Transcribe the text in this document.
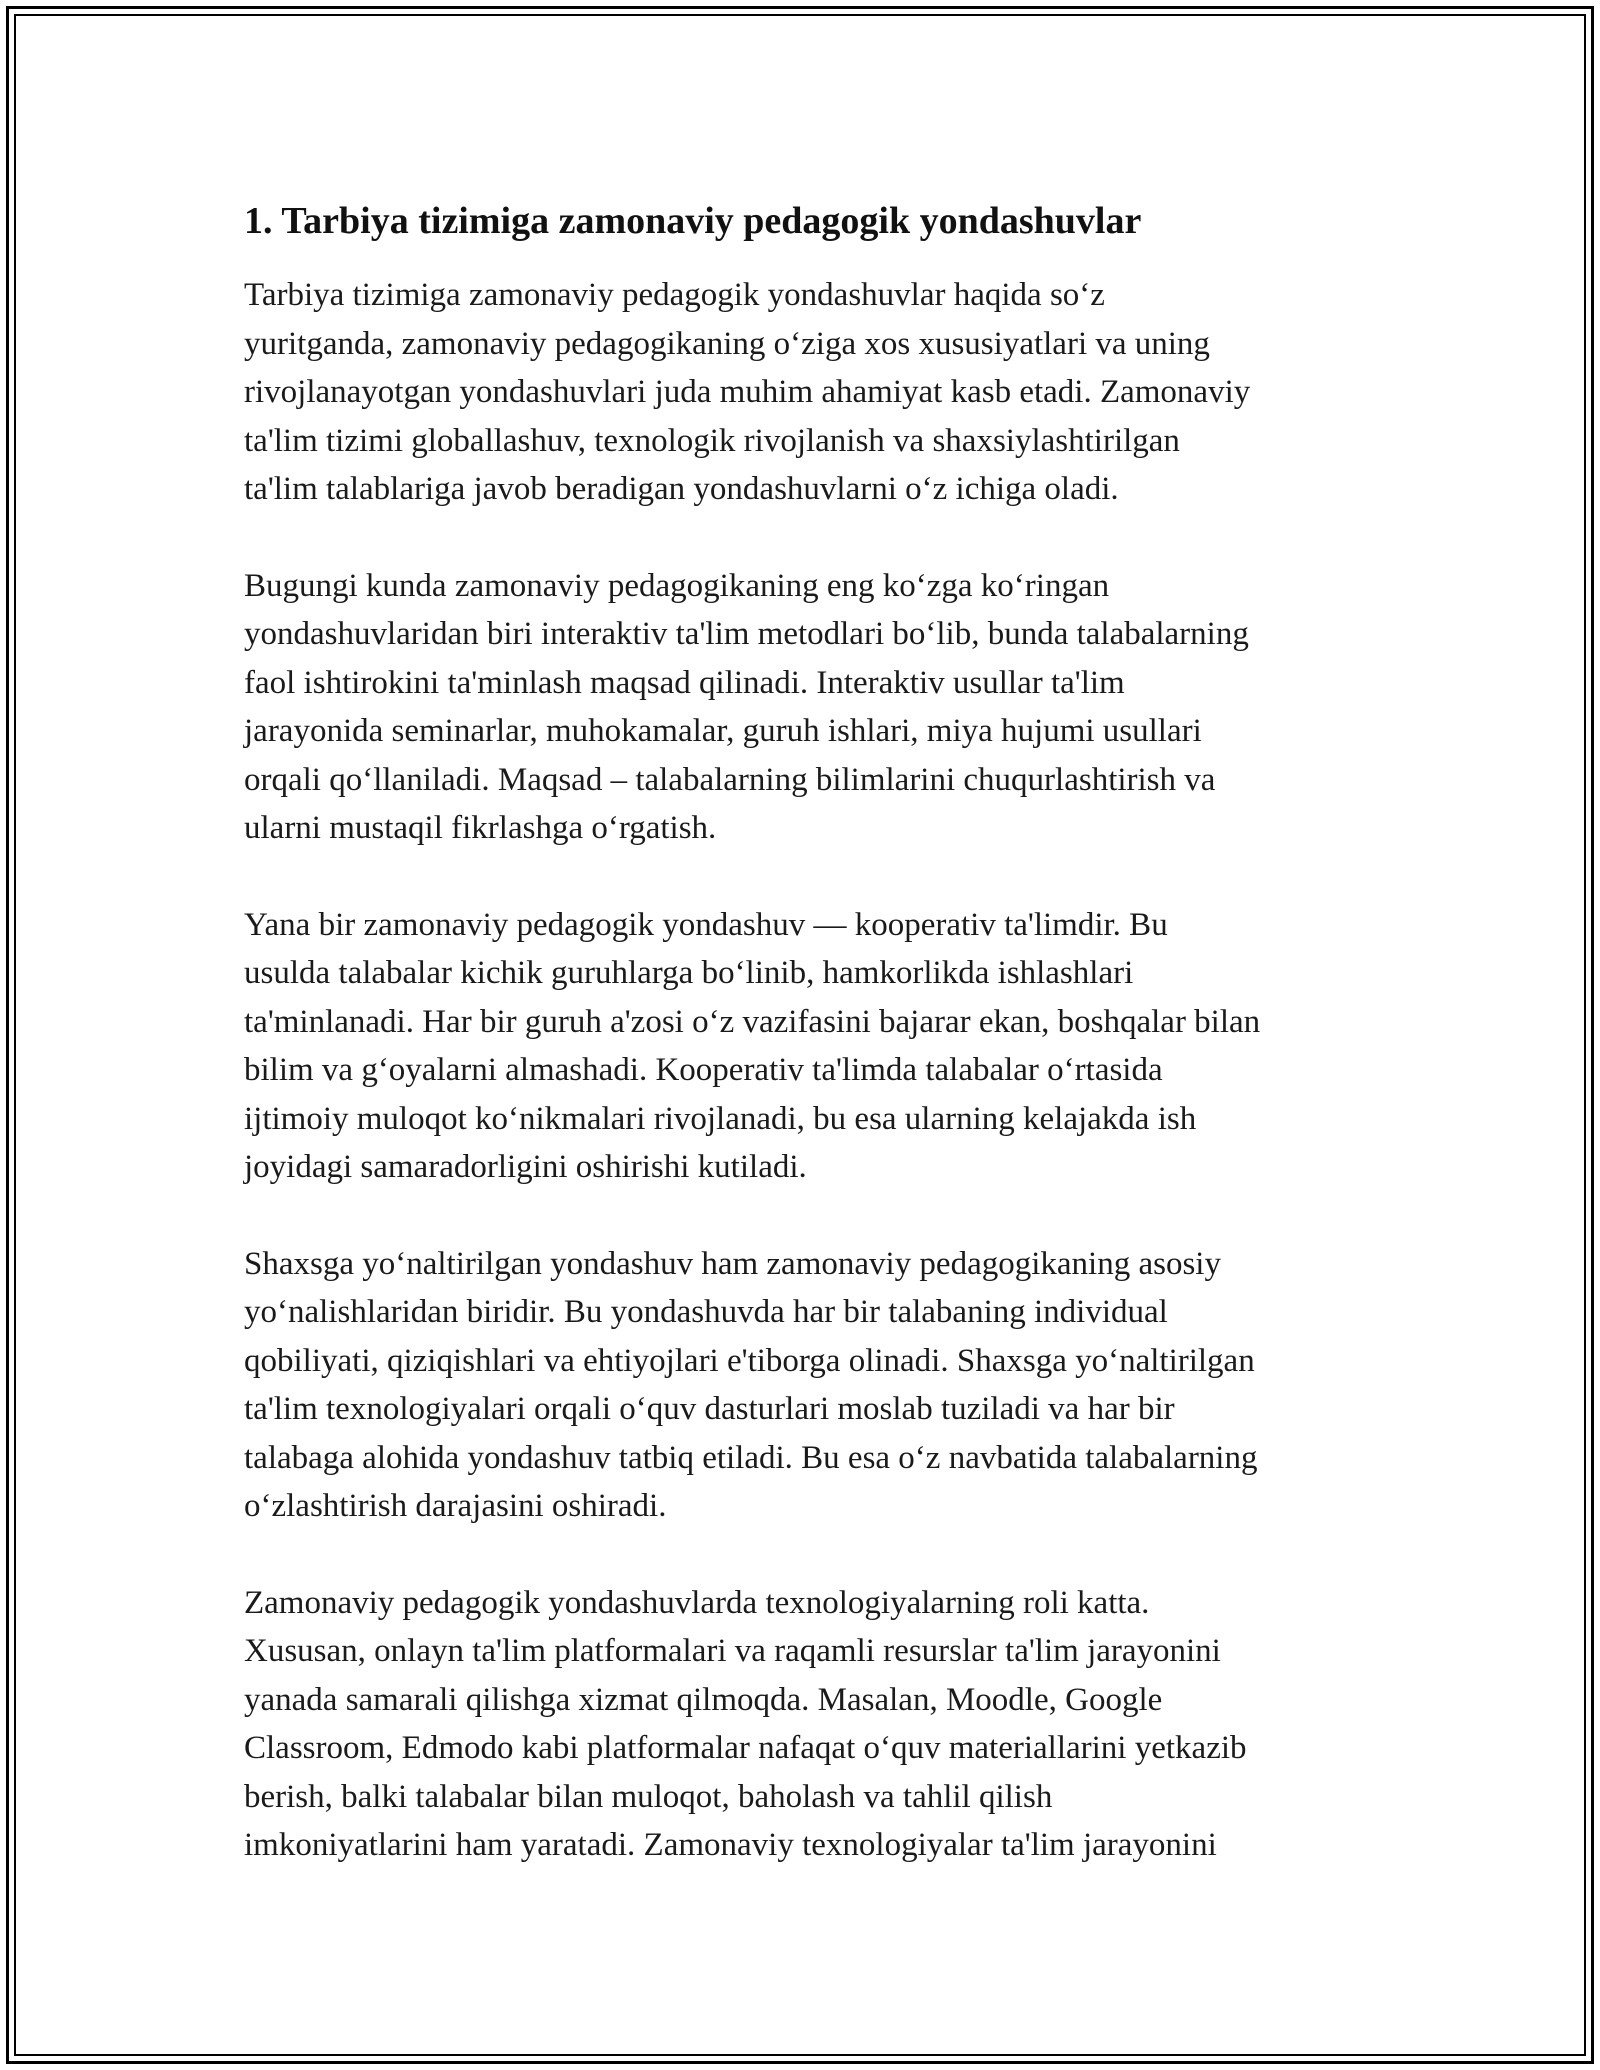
1. Tarbiya tizimiga zamonaviy pedagogik yondashuvlar

Tarbiya tizimiga zamonaviy pedagogik yondashuvlar haqida so‘z
yuritganda, zamonaviy pedagogikaning o‘ziga xos xususiyatlari va uning
rivojlanayotgan yondashuvlari juda muhim ahamiyat kasb etadi. Zamonaviy
ta'lim tizimi globallashuv, texnologik rivojlanish va shaxsiylashtirilgan
ta'lim talablariga javob beradigan yondashuvlarni o‘z ichiga oladi.

Bugungi kunda zamonaviy pedagogikaning eng ko‘zga ko‘ringan
yondashuvlaridan biri interaktiv ta'lim metodlari bo‘lib, bunda talabalarning
faol ishtirokini ta'minlash maqsad qilinadi. Interaktiv usullar ta'lim
jarayonida seminarlar, muhokamalar, guruh ishlari, miya hujumi usullari
orqali qo‘llaniladi. Maqsad – talabalarning bilimlarini chuqurlashtirish va
ularni mustaqil fikrlashga o‘rgatish.

Yana bir zamonaviy pedagogik yondashuv — kooperativ ta'limdir. Bu
usulda talabalar kichik guruhlarga bo‘linib, hamkorlikda ishlashlari
ta'minlanadi. Har bir guruh a'zosi o‘z vazifasini bajarar ekan, boshqalar bilan
bilim va g‘oyalarni almashadi. Kooperativ ta'limda talabalar o‘rtasida
ijtimoiy muloqot ko‘nikmalari rivojlanadi, bu esa ularning kelajakda ish
joyidagi samaradorligini oshirishi kutiladi.

Shaxsga yo‘naltirilgan yondashuv ham zamonaviy pedagogikaning asosiy
yo‘nalishlaridan biridir. Bu yondashuvda har bir talabaning individual
qobiliyati, qiziqishlari va ehtiyojlari e'tiborga olinadi. Shaxsga yo‘naltirilgan
ta'lim texnologiyalari orqali o‘quv dasturlari moslab tuziladi va har bir
talabaga alohida yondashuv tatbiq etiladi. Bu esa o‘z navbatida talabalarning
o‘zlashtirish darajasini oshiradi.

Zamonaviy pedagogik yondashuvlarda texnologiyalarning roli katta.
Xususan, onlayn ta'lim platformalari va raqamli resurslar ta'lim jarayonini
yanada samarali qilishga xizmat qilmoqda. Masalan, Moodle, Google
Classroom, Edmodo kabi platformalar nafaqat o‘quv materiallarini yetkazib
berish, balki talabalar bilan muloqot, baholash va tahlil qilish
imkoniyatlarini ham yaratadi. Zamonaviy texnologiyalar ta'lim jarayonini
